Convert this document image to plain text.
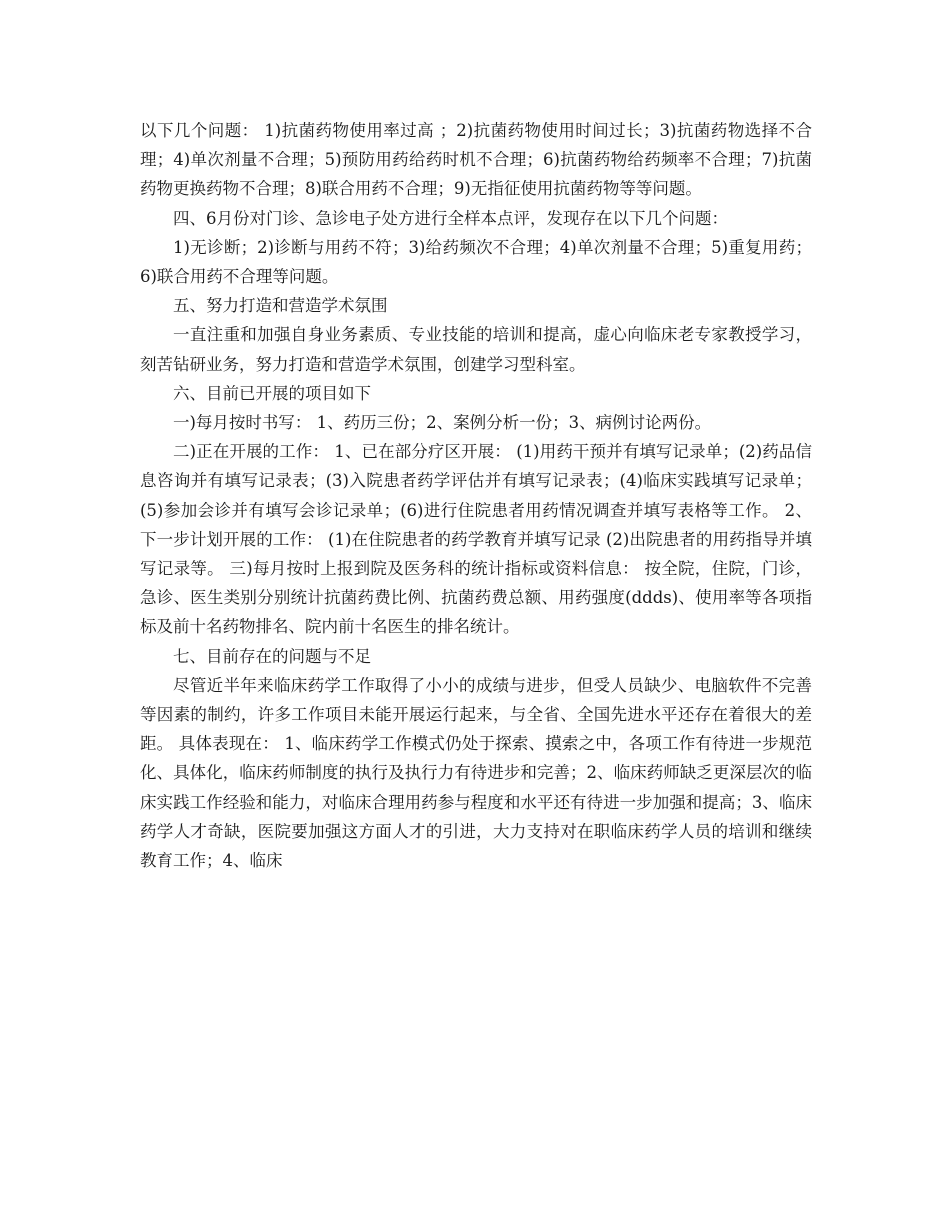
以下几个问题： 1)抗菌药物使用率过高 ；2)抗菌药物使用时间过长；3)抗菌药物选择不合理；4)单次剂量不合理；5)预防用药给药时机不合理；6)抗菌药物给药频率不合理；7)抗菌药物更换药物不合理；8)联合用药不合理；9)无指征使用抗菌药物等等问题。

四、6月份对门诊、急诊电子处方进行全样本点评，发现存在以下几个问题：

1)无诊断；2)诊断与用药不符；3)给药频次不合理；4)单次剂量不合理；5)重复用药；6)联合用药不合理等问题。

五、努力打造和营造学术氛围

一直注重和加强自身业务素质、专业技能的培训和提高，虚心向临床老专家教授学习，刻苦钻研业务，努力打造和营造学术氛围，创建学习型科室。

六、目前已开展的项目如下

一)每月按时书写： 1、药历三份；2、案例分析一份；3、病例讨论两份。

二)正在开展的工作： 1、已在部分疗区开展： (1)用药干预并有填写记录单；(2)药品信息咨询并有填写记录表；(3)入院患者药学评估并有填写记录表；(4)临床实践填写记录单；(5)参加会诊并有填写会诊记录单；(6)进行住院患者用药情况调查并填写表格等工作。 2、下一步计划开展的工作： (1)在住院患者的药学教育并填写记录 (2)出院患者的用药指导并填写记录等。 三)每月按时上报到院及医务科的统计指标或资料信息： 按全院，住院，门诊，急诊、医生类别分别统计抗菌药费比例、抗菌药费总额、用药强度(ddds)、使用率等各项指标及前十名药物排名、院内前十名医生的排名统计。

七、目前存在的问题与不足

尽管近半年来临床药学工作取得了小小的成绩与进步，但受人员缺少、电脑软件不完善等因素的制约，许多工作项目未能开展运行起来，与全省、全国先进水平还存在着很大的差距。 具体表现在： 1、临床药学工作模式仍处于探索、摸索之中，各项工作有待进一步规范化、具体化，临床药师制度的执行及执行力有待进步和完善；2、临床药师缺乏更深层次的临床实践工作经验和能力，对临床合理用药参与程度和水平还有待进一步加强和提高；3、临床药学人才奇缺，医院要加强这方面人才的引进，大力支持对在职临床药学人员的培训和继续教育工作；4、临床
